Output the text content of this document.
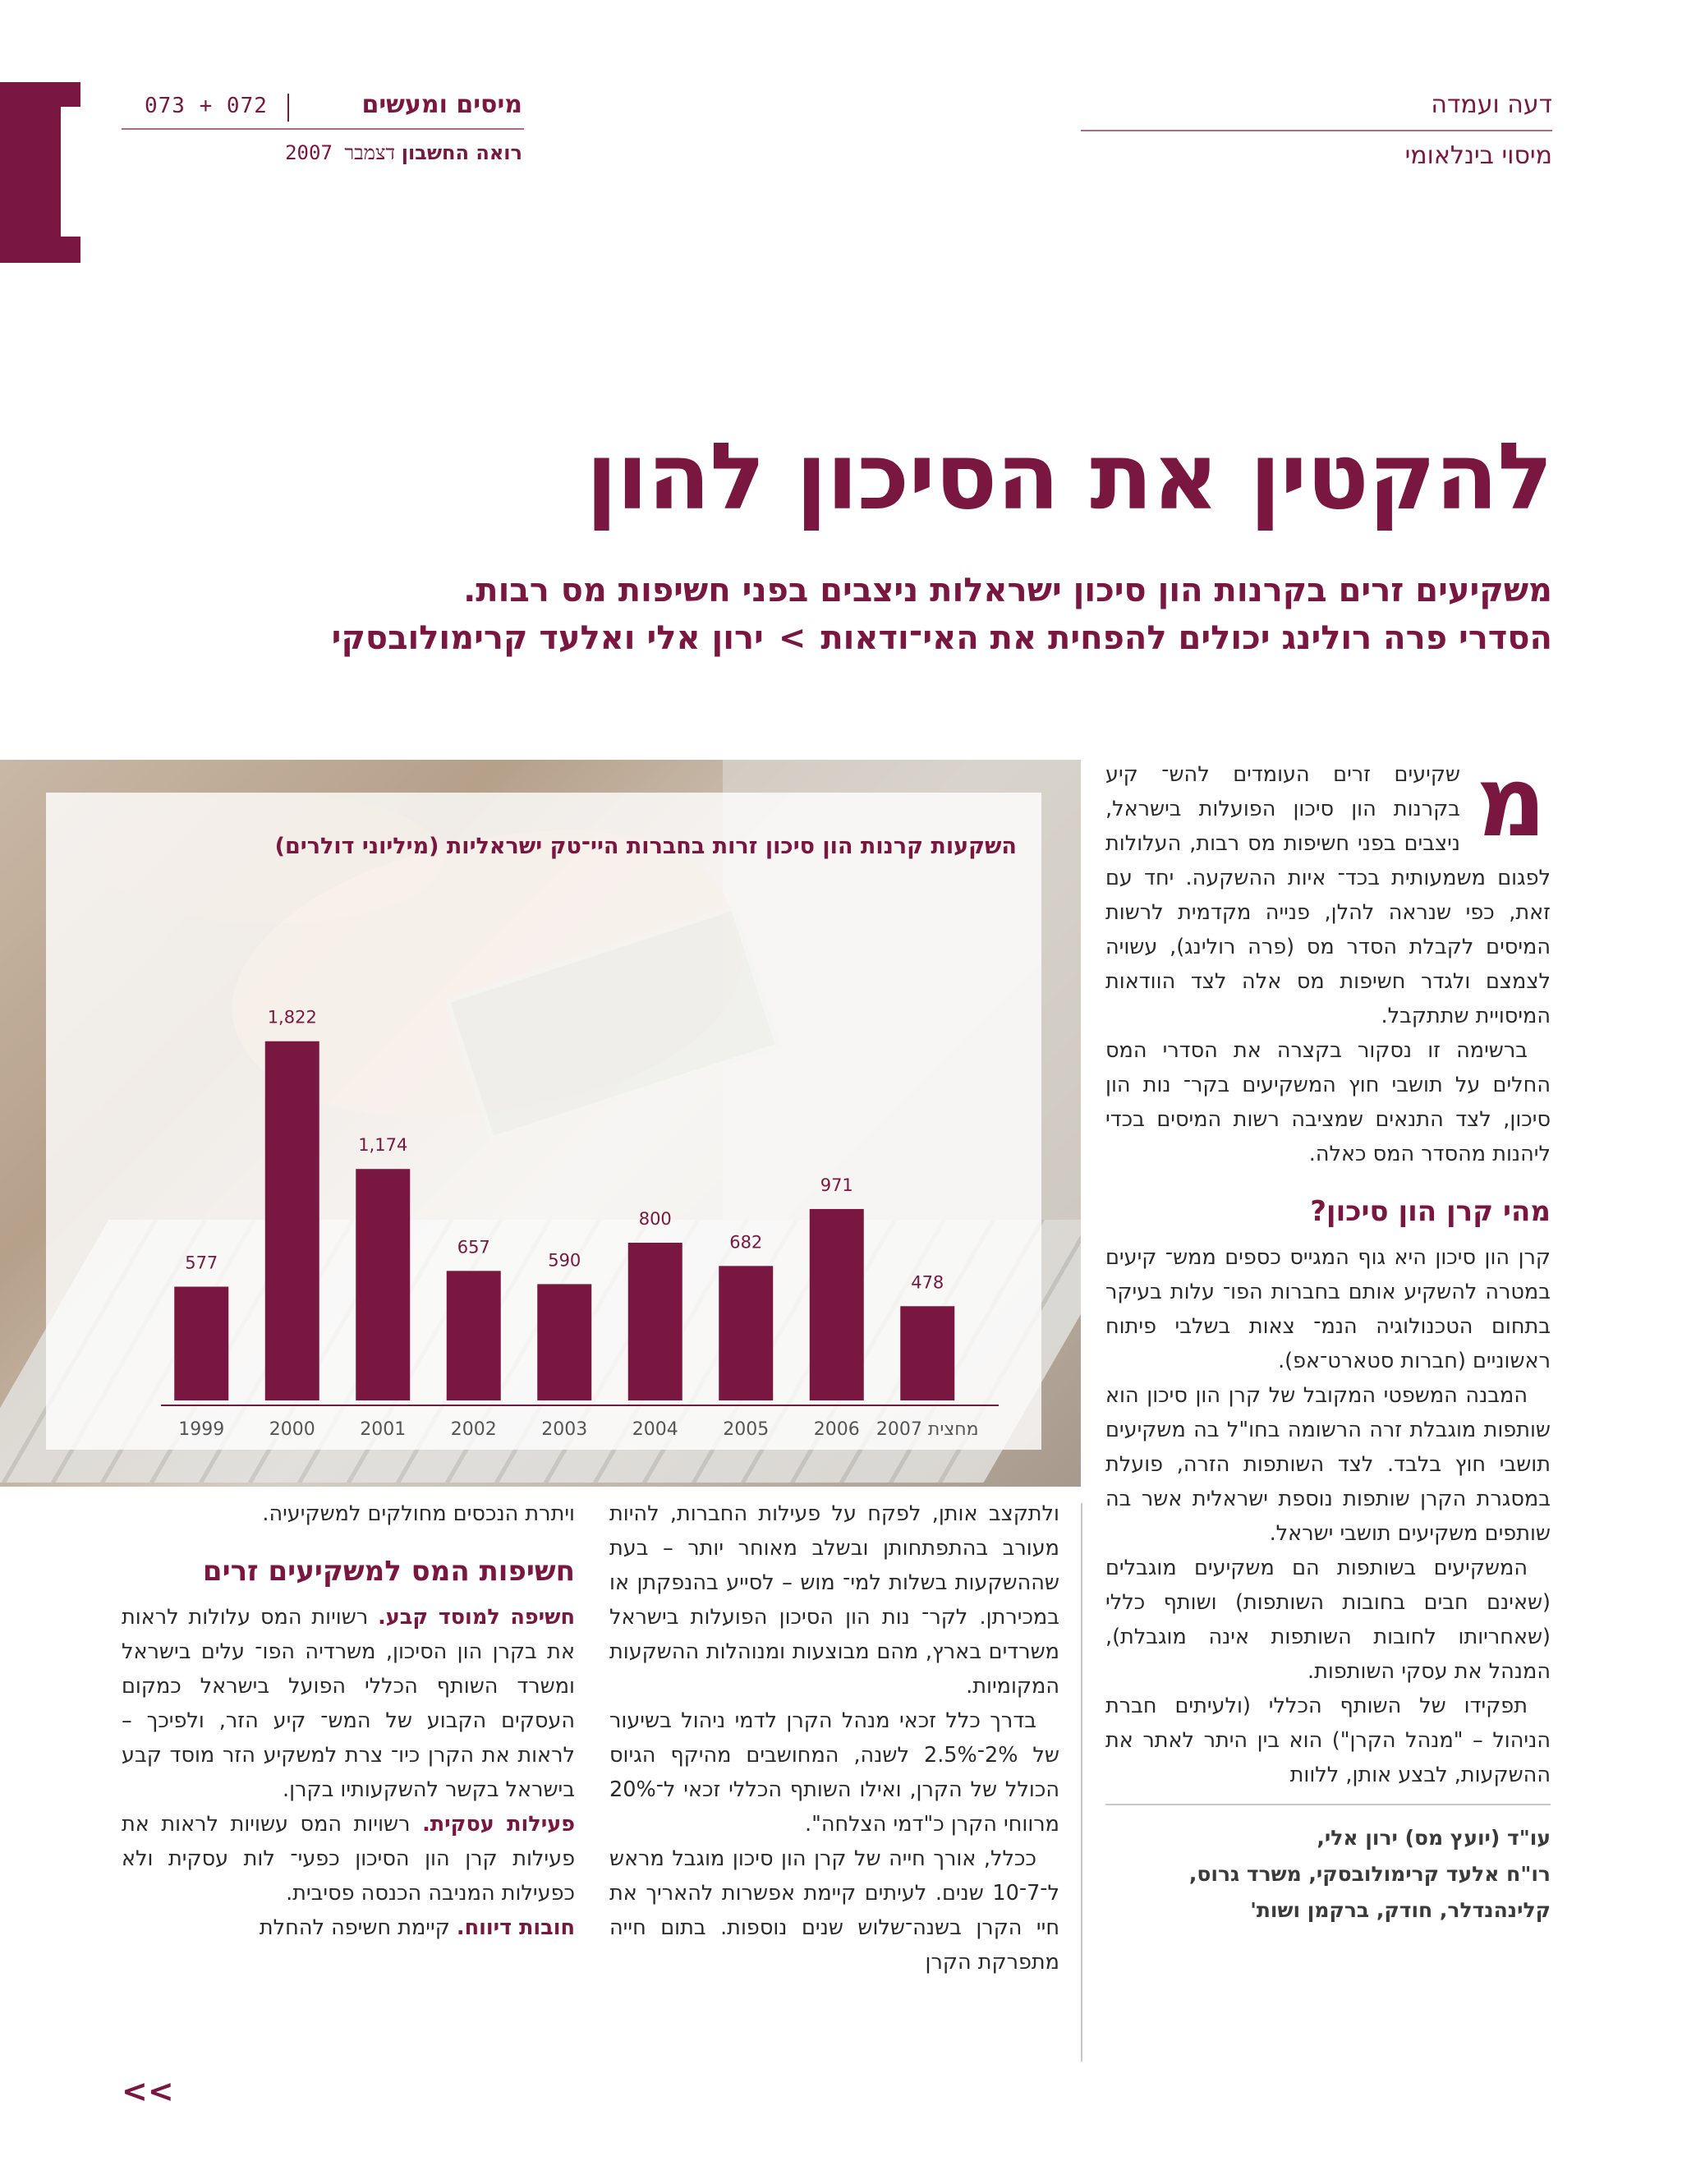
073 + 072	מיסים ומעשים
רואה החשבון דצמבר 2007
דעה ועמדה
מיסוי בינלאומי
להקטין את הסיכון להון
משקיעים זרים בקרנות הון סיכון ישראלות ניצבים בפני חשיפות מס רבות.
הסדרי פרה רולינג יכולים להפחית את האי־ודאות>ירון אלי ואלעד קרימולובסקי
השקעות קרנות הון סיכון זרות בחברות היי־טק ישראליות (מיליוני דולרים)
577
1999
1,822
2000
1,174
2001
657
2002
590
2003
800
2004
682
2005
971
2006
478
מחצית 2007
מ

שקיעים זרים העומדים להש־ קיע בקרנות הון סיכון הפועלות בישראל, ניצבים בפני חשיפות מס רבות, העלולות לפגום משמעותית בכד־ איות ההשקעה. יחד עם זאת, כפי שנראה להלן, פנייה מקדמית לרשות המיסים לקבלת הסדר מס (פרה רולינג), עשויה לצמצם ולגדר חשיפות מס אלה לצד הוודאות המיסויית שתתקבל.

ברשימה זו נסקור בקצרה את הסדרי המס החלים על תושבי חוץ המשקיעים בקר־ נות הון סיכון, לצד התנאים שמציבה רשות המיסים בכדי ליהנות מהסדר המס כאלה.

מהי קרן הון סיכון?

קרן הון סיכון היא גוף המגייס כספים ממש־ קיעים במטרה להשקיע אותם בחברות הפו־ עלות בעיקר בתחום הטכנולוגיה הנמ־ צאות בשלבי פיתוח ראשוניים (חברות סטארט־אפ).

המבנה המשפטי המקובל של קרן הון סיכון הוא שותפות מוגבלת זרה הרשומה בחו"ל בה משקיעים תושבי חוץ בלבד. לצד השותפות הזרה, פועלת במסגרת הקרן שותפות נוספת ישראלית אשר בה שותפים משקיעים תושבי ישראל.

המשקיעים בשותפות הם משקיעים מוגבלים (שאינם חבים בחובות השותפות) ושותף כללי (שאחריותו לחובות השותפות אינה מוגבלת), המנהל את עסקי השותפות.

תפקידו של השותף הכללי (ולעיתים חברת הניהול – "מנהל הקרן") הוא בין היתר לאתר את ההשקעות, לבצע אותן, ללוות

עו"ד (יועץ מס) ירון אלי,
רו"ח אלעד קרימולובסקי, משרד גרוס,
קלינהנדלר, חודק, ברקמן ושות'

ולתקצב אותן, לפקח על פעילות החברות, להיות מעורב בהתפתחותן ובשלב מאוחר יותר – בעת שההשקעות בשלות למי־ מוש – לסייע בהנפקתן או במכירתן. לקר־ נות הון הסיכון הפועלות בישראל משרדים בארץ, מהם מבוצעות ומנוהלות ההשקעות המקומיות.

בדרך כלל זכאי מנהל הקרן לדמי ניהול בשיעור של 2%־2.5% לשנה, המחושבים מהיקף הגיוס הכולל של הקרן, ואילו השותף הכללי זכאי ל־20% מרווחי הקרן כ"דמי הצלחה".

ככלל, אורך חייה של קרן הון סיכון מוגבל מראש ל־7־10 שנים. לעיתים קיימת אפשרות להאריך את חיי הקרן בשנה־שלוש שנים נוספות. בתום חייה מתפרקת הקרן

ויתרת הנכסים מחולקים למשקיעיה.

חשיפות המס למשקיעים זרים

חשיפה למוסד קבע. רשויות המס עלולות לראות את בקרן הון הסיכון, משרדיה הפו־ עלים בישראל ומשרד השותף הכללי הפועל בישראל כמקום העסקים הקבוע של המש־ קיע הזר, ולפיכך – לראות את הקרן כיו־ צרת למשקיע הזר מוסד קבע בישראל בקשר להשקעותיו בקרן.

פעילות עסקית. רשויות המס עשויות לראות את פעילות קרן הון הסיכון כפעי־ לות עסקית ולא כפעילות המניבה הכנסה פסיבית.

חובות דיווח. קיימת חשיפה להחלת

<<
